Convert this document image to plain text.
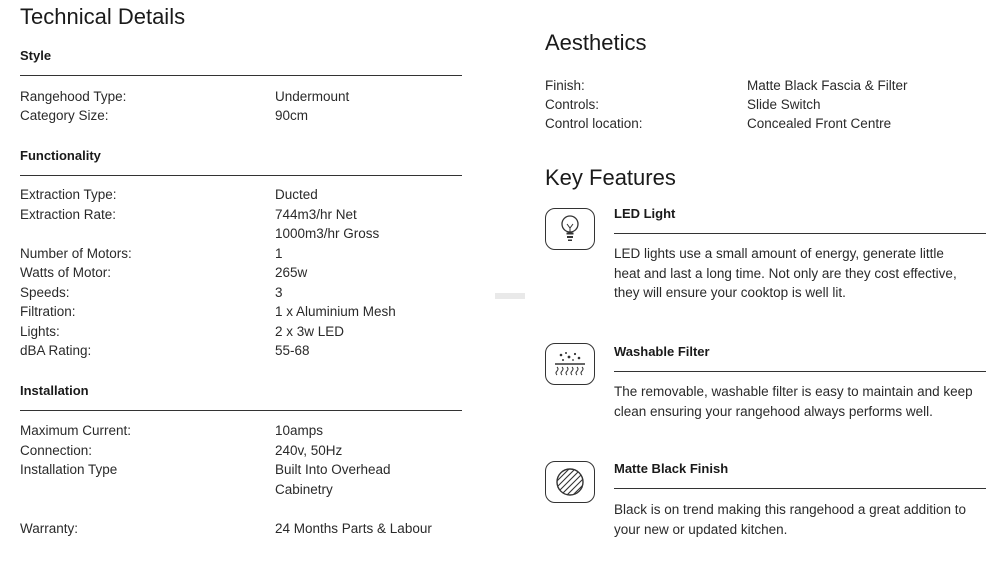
Technical Details
Style
Rangehood Type:	Undermount
Category Size:	90cm
Functionality
Extraction Type:	Ducted
Extraction Rate:	744m3/hr Net
1000m3/hr Gross
Number of Motors:	1
Watts of Motor:	265w
Speeds:	3
Filtration:	1 x Aluminium Mesh
Lights:	2 x 3w LED
dBA Rating:	55-68
Installation
Maximum Current:	10amps
Connection:	240v, 50Hz
Installation Type	Built Into Overhead
Cabinetry
Warranty:	24 Months Parts & Labour
Aesthetics
Finish:	Matte Black Fascia & Filter
Controls:	Slide Switch
Control location:	Concealed Front Centre
Key Features
LED Light
LED lights use a small amount of energy, generate little
heat and last a long time. Not only are they cost effective,
they will ensure your cooktop is well lit.
Washable Filter
The removable, washable filter is easy to maintain and keep
clean ensuring your rangehood always performs well.
Matte Black Finish
Black is on trend making this rangehood a great addition to
your new or updated kitchen.
